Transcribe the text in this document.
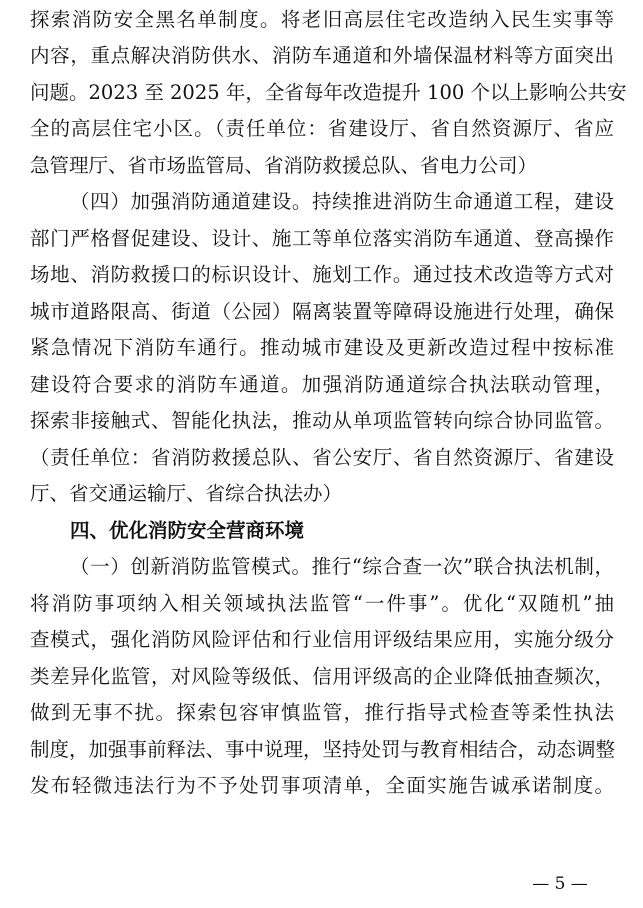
探索消防安全黑名单制度。将老旧高层住宅改造纳入民生实事等
内容，重点解决消防供水、消防车通道和外墙保温材料等方面突出
问题。2023 至 2025 年，全省每年改造提升 100 个以上影响公共安
全的高层住宅小区。（责任单位：省建设厅、省自然资源厅、省应
急管理厅、省市场监管局、省消防救援总队、省电力公司）
（四）加强消防通道建设。持续推进消防生命通道工程，建设
部门严格督促建设、设计、施工等单位落实消防车通道、登高操作
场地、消防救援口的标识设计、施划工作。通过技术改造等方式对
城市道路限高、街道（公园）隔离装置等障碍设施进行处理，确保
紧急情况下消防车通行。推动城市建设及更新改造过程中按标准
建设符合要求的消防车通道。加强消防通道综合执法联动管理，
探索非接触式、智能化执法，推动从单项监管转向综合协同监管。
（责任单位：省消防救援总队、省公安厅、省自然资源厅、省建设
厅、省交通运输厅、省综合执法办）
四、优化消防安全营商环境
（一）创新消防监管模式。推行“综合查一次”联合执法机制，
将消防事项纳入相关领域执法监管“一件事”。优化“双随机”抽
查模式，强化消防风险评估和行业信用评级结果应用，实施分级分
类差异化监管，对风险等级低、信用评级高的企业降低抽查频次，
做到无事不扰。探索包容审慎监管，推行指导式检查等柔性执法
制度，加强事前释法、事中说理，坚持处罚与教育相结合，动态调整
发布轻微违法行为不予处罚事项清单，全面实施告诚承诺制度。
— 5 —
